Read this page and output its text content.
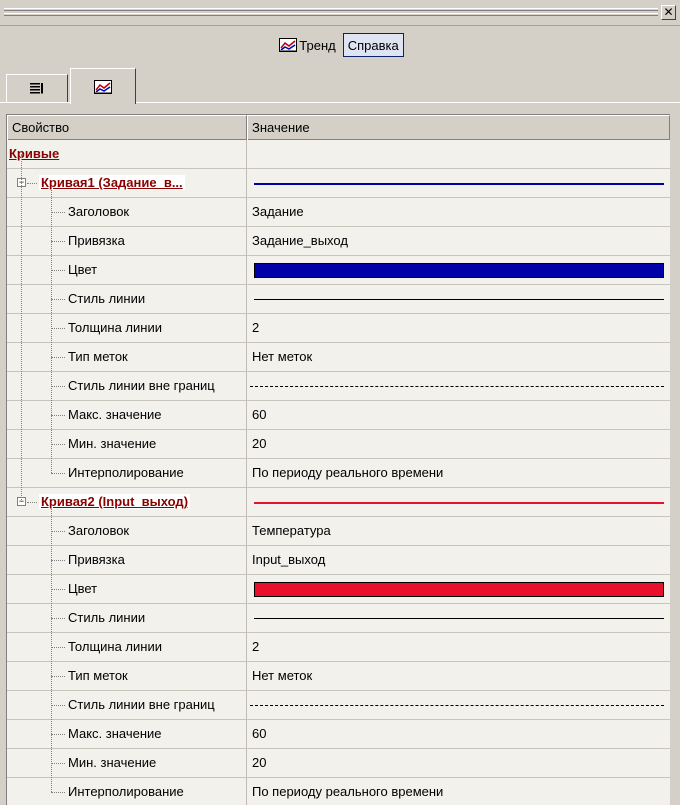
✕
Тренд Справка
Свойство	Значение
Кривые
− Кривая1 (Задание_в...
Заголовок	Задание
Привязка	Задание_выход
Цвет
Стиль линии
Толщина линии	2
Тип меток	Нет меток
Стиль линии вне границ
Макс. значение	60
Мин. значение	20
Интерполирование	По периоду реального времени
− Кривая2 (Input_выход)
Заголовок	Температура
Привязка	Input_выход
Цвет
Стиль линии
Толщина линии	2
Тип меток	Нет меток
Стиль линии вне границ
Макс. значение	60
Мин. значение	20
Интерполирование	По периоду реального времени
